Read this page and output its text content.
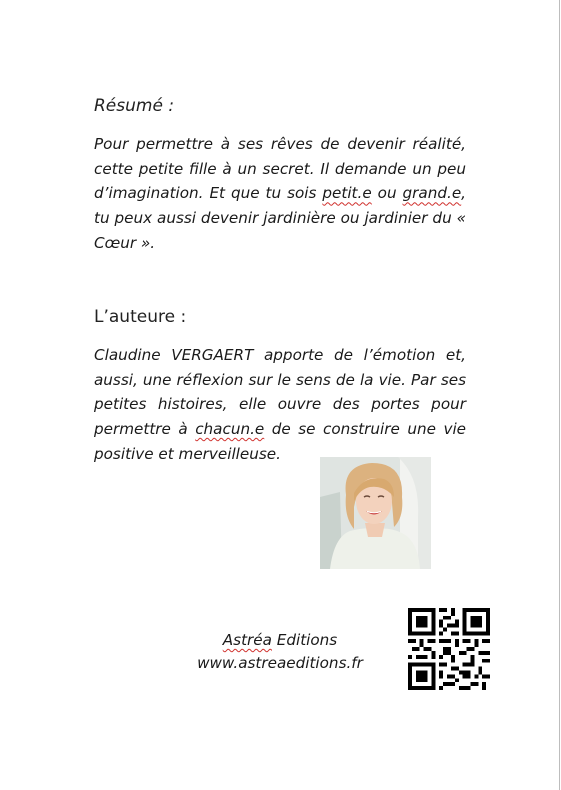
Résumé :

Pour permettre à ses rêves de devenir réalité, cette petite fille à un secret. Il demande un peu d’imagination. Et que tu sois petit.e ou grand.e, tu peux aussi devenir jardinière ou jardinier du « Cœur ».

L’auteure :

Claudine VERGAERT apporte de l’émotion et, aussi, une réflexion sur le sens de la vie. Par ses petites histoires, elle ouvre des portes pour permettre à chacun.e de se construire une vie positive et merveilleuse.

Astréa Editions

www.astreaeditions.fr
